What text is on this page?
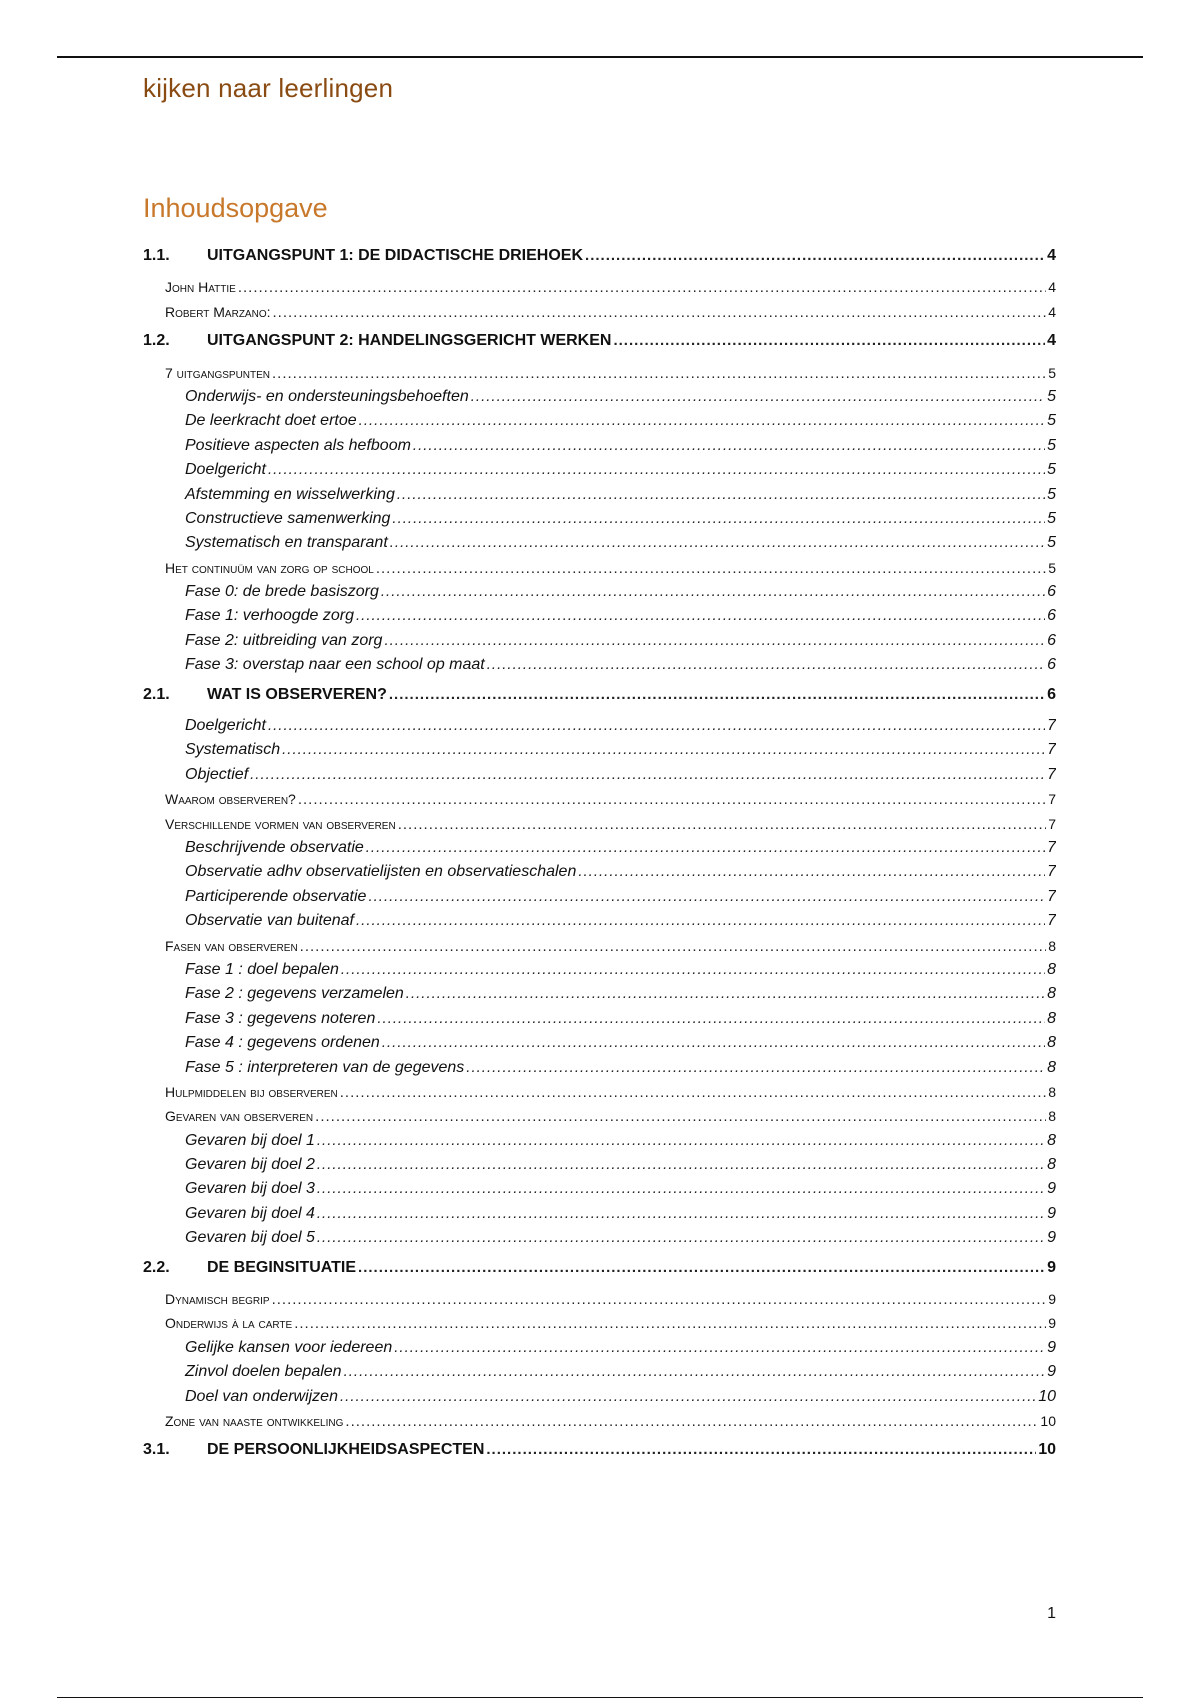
kijken naar leerlingen
Inhoudsopgave
1.1. UITGANGSPUNT 1: DE DIDACTISCHE DRIEHOEK .....	4
John Hattie .....	4
Robert Marzano: .....	4
1.2. UITGANGSPUNT 2: HANDELINGSGERICHT WERKEN .....	4
7 uitgangspunten .....	5
Onderwijs- en ondersteuningsbehoeften .....	5
De leerkracht doet ertoe .....	5
Positieve aspecten als hefboom .....	5
Doelgericht .....	5
Afstemming en wisselwerking .....	5
Constructieve samenwerking .....	5
Systematisch en transparant .....	5
Het continuüm van zorg op school .....	5
Fase 0: de brede basiszorg .....	6
Fase 1: verhoogde zorg .....	6
Fase 2: uitbreiding van zorg .....	6
Fase 3: overstap naar een school op maat .....	6
2.1. WAT IS OBSERVEREN? .....	6
Doelgericht .....	7
Systematisch .....	7
Objectief .....	7
Waarom observeren? .....	7
Verschillende vormen van observeren .....	7
Beschrijvende observatie .....	7
Observatie adhv observatielijsten en observatieschalen .....	7
Participerende observatie .....	7
Observatie van buitenaf .....	7
Fasen van observeren .....	8
Fase 1 : doel bepalen .....	8
Fase 2 : gegevens verzamelen .....	8
Fase 3 : gegevens noteren .....	8
Fase 4 : gegevens ordenen .....	8
Fase 5 : interpreteren van de gegevens .....	8
Hulpmiddelen bij observeren .....	8
Gevaren van observeren .....	8
Gevaren bij doel 1 .....	8
Gevaren bij doel 2 .....	8
Gevaren bij doel 3 .....	9
Gevaren bij doel 4 .....	9
Gevaren bij doel 5 .....	9
2.2. DE BEGINSITUATIE .....	9
Dynamisch begrip .....	9
Onderwijs à la carte .....	9
Gelijke kansen voor iedereen .....	9
Zinvol doelen bepalen .....	9
Doel van onderwijzen .....	10
Zone van naaste ontwikkeling .....	10
3.1. DE PERSOONLIJKHEIDSASPECTEN .....	10
1
